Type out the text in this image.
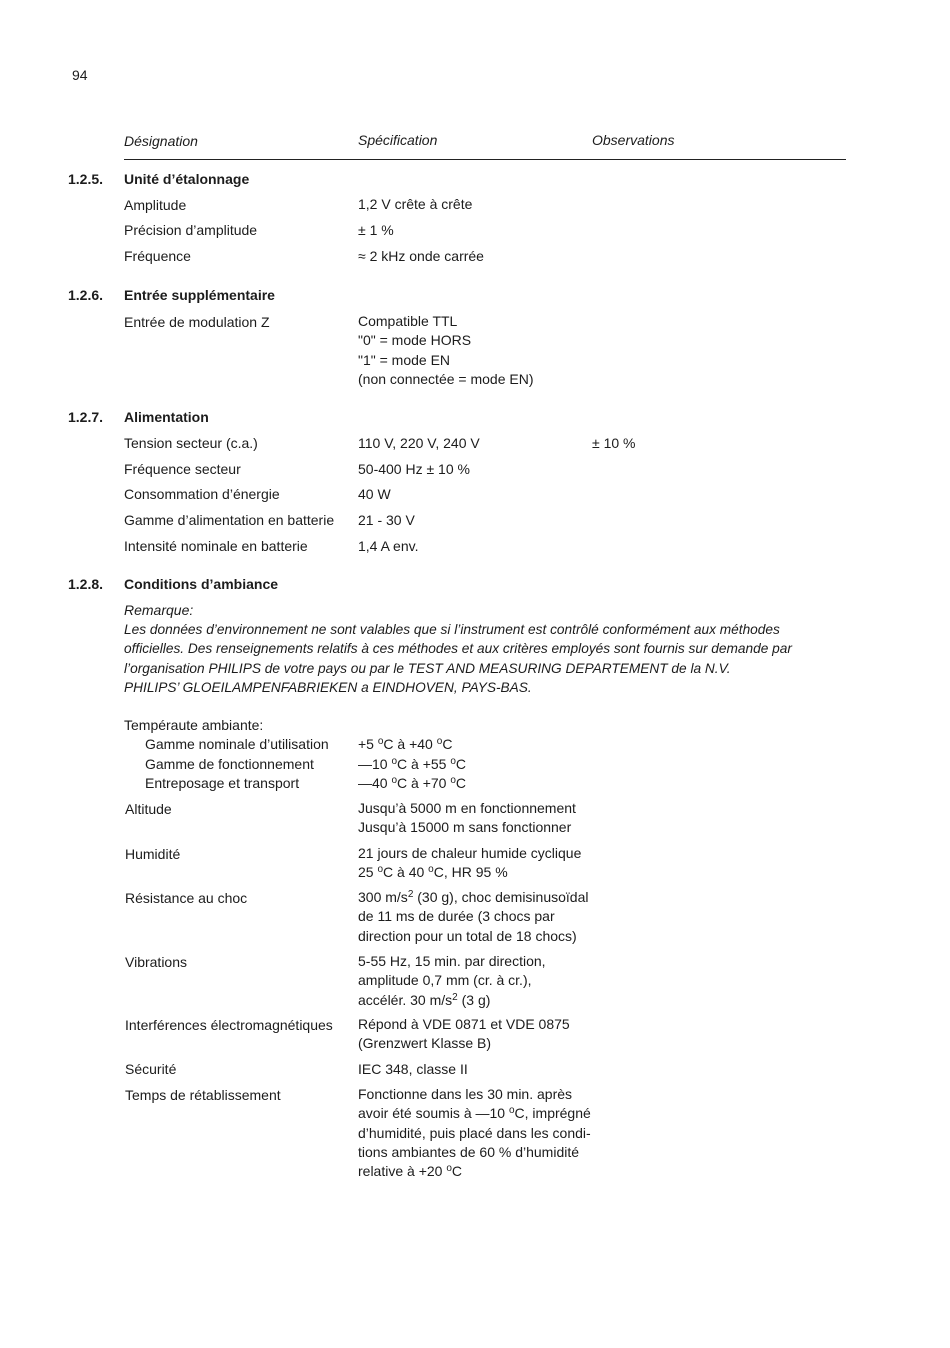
94
Désignation	Spécification	Observations
1.2.5. Unité d’étalonnage
Amplitude	1,2 V crête à crête
Précision d’amplitude	± 1 %
Fréquence	≈ 2 kHz onde carrée
1.2.6. Entrée supplémentaire
Entrée de modulation Z	Compatible TTL
"0" = mode HORS
"1" = mode EN
(non connectée = mode EN)
1.2.7. Alimentation
Tension secteur (c.a.)	110 V, 220 V, 240 V	± 10 %
Fréquence secteur	50-400 Hz ± 10 %
Consommation d’énergie	40 W
Gamme d’alimentation en batterie 21 - 30 V
Intensité nominale en batterie	1,4 A env.
1.2.8. Conditions d’ambiance
Remarque:
Les données d’environnement ne sont valables que si l’instrument est contrôlé conformément aux méthodes
officielles. Des renseignements relatifs à ces méthodes et aux critères employés sont fournis sur demande par
l’organisation PHILIPS de votre pays ou par le TEST AND MEASURING DEPARTEMENT de la N.V.
PHILIPS’ GLOEILAMPENFABRIEKEN a EINDHOVEN, PAYS-BAS.
Tempéraute ambiante:
Gamme nominale d’utilisation +5 $^o$C à +40 $^o$C
Gamme de fonctionnement	—10 $^o$C à +55 $^o$C
Entreposage et transport	—40 $^o$C à +70 $^o$C
Altitude	Jusqu’à 5000 m en fonctionnement
Jusqu’à 15000 m sans fonctionner
Humidité	21 jours de chaleur humide cyclique
25 $^o$C à 40 $^o$C, HR 95 %
Résistance au choc	300 $m/s^2$ (30 g), choc demisinusoïdal
de 11 ms de durée (3 chocs par
direction pour un total de 18 chocs)
Vibrations	5-55 Hz, 15 min. par direction,
amplitude 0,7 mm (cr. à cr.),
accélér. 30 $m/s^2$ (3 g)
Interférences électromagnétiques Répond à VDE 0871 et VDE 0875
(Grenzwert Klasse B)
Sécurité	IEC 348, classe II
Temps de rétablissement	Fonctionne dans les 30 min. après
avoir été soumis à —10 $^o$C, imprégné
d’humidité, puis placé dans les condi-
tions ambiantes de 60 % d’humidité
relative à +20 $^o$C
